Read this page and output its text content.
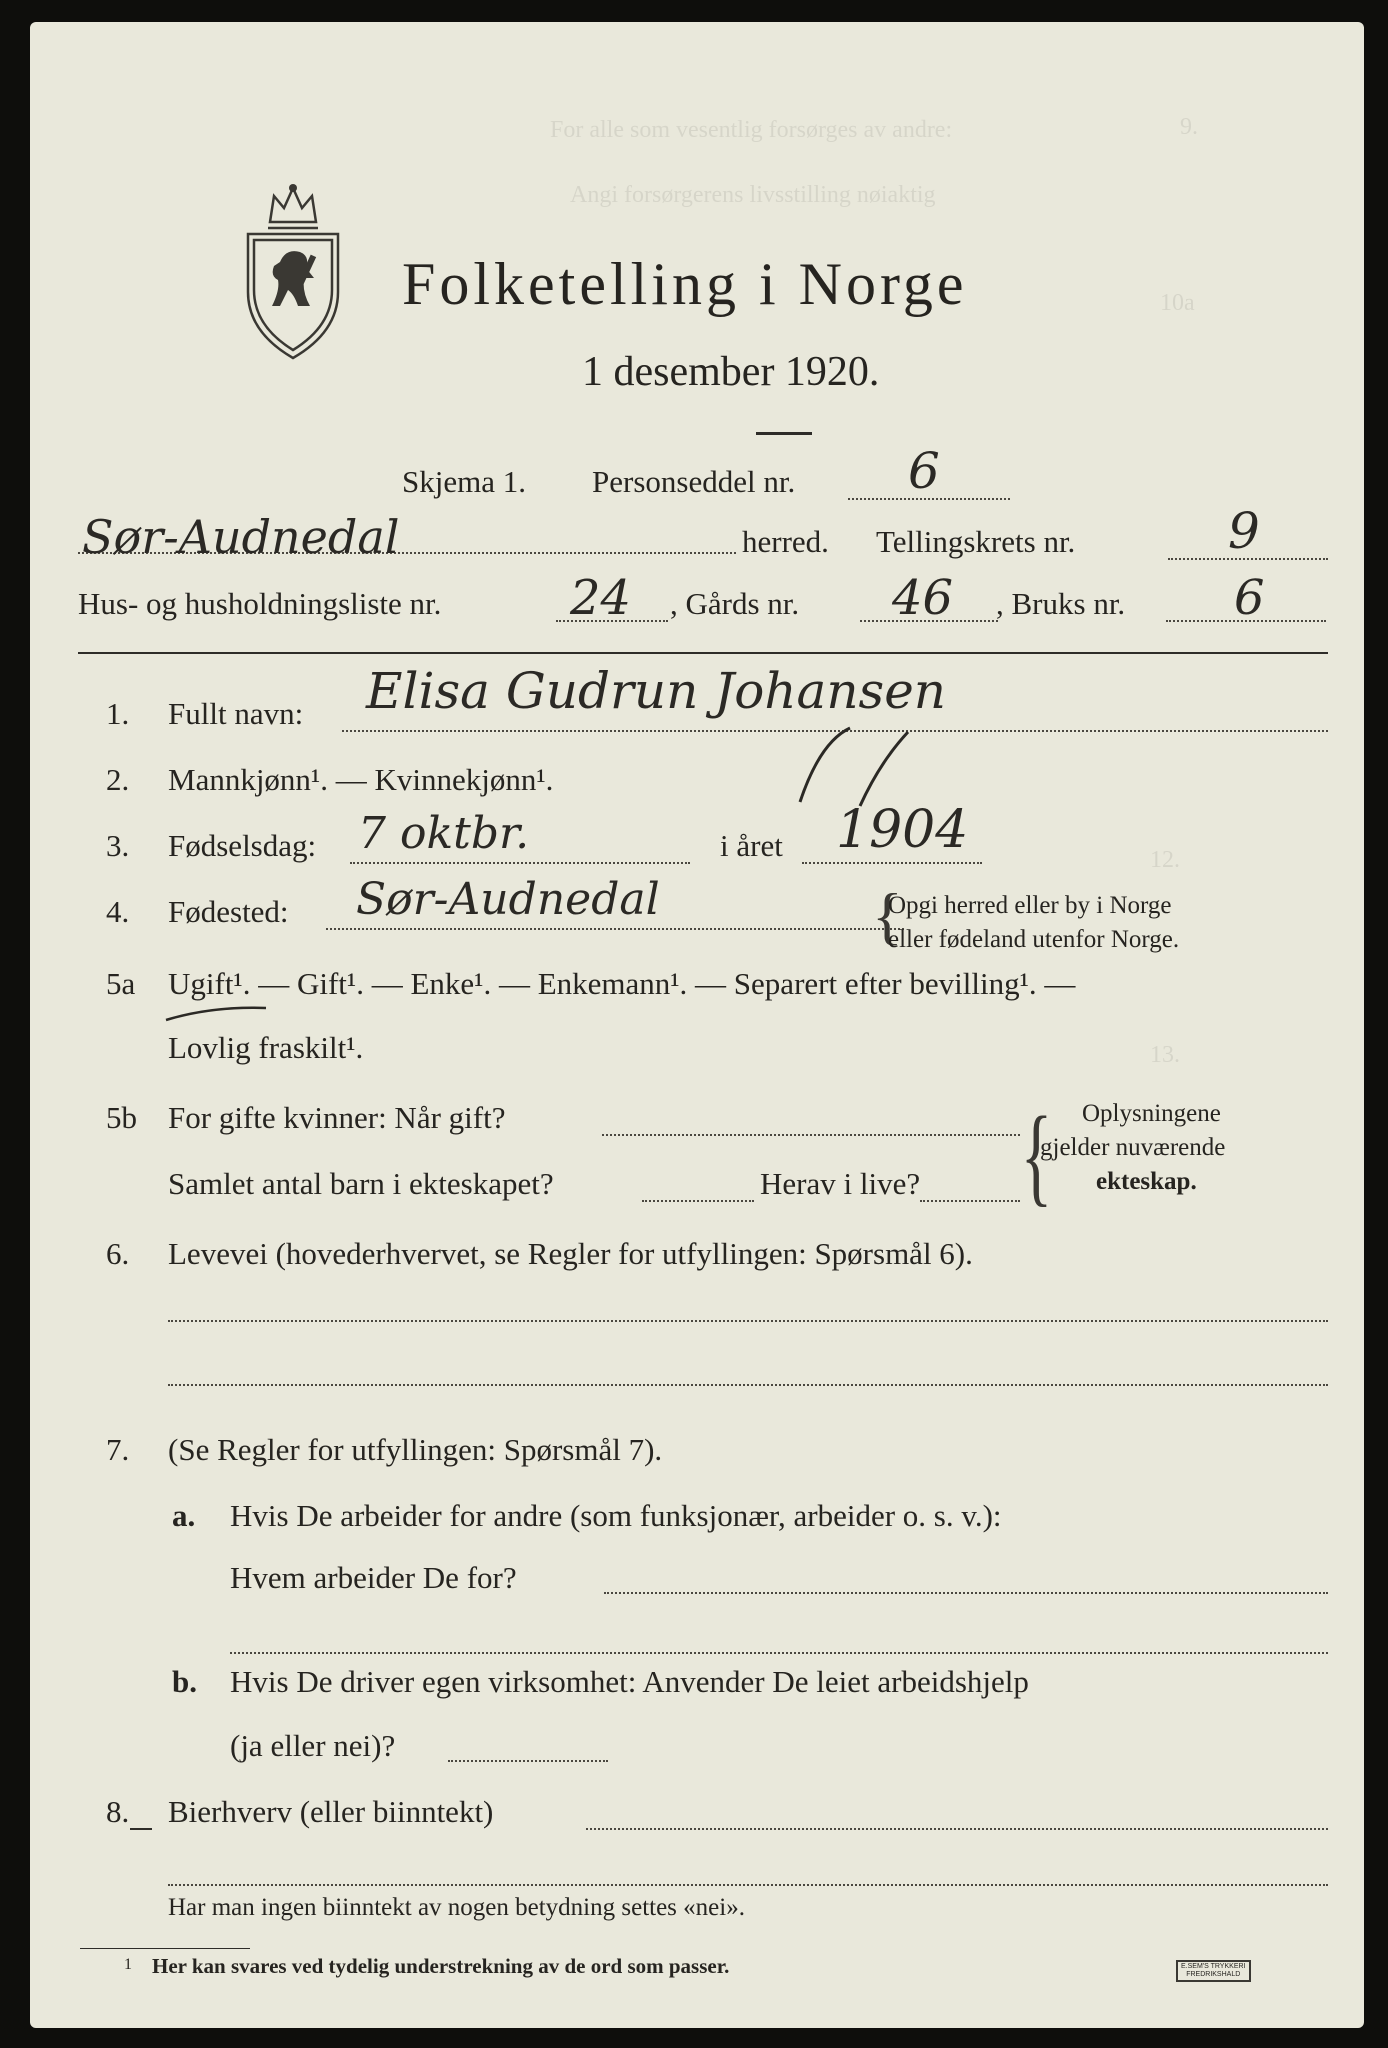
9.
For alle som vesentlig forsørges av andre:
Angi forsørgerens livsstilling nøiaktig
10a
12.
13.
Folketelling i Norge
1 desember 1920.
Skjema 1. Personseddel nr. 6
Sør-Audnedal	herred. Tellingskrets nr.	9
Hus- og husholdningsliste nr.	24 , Gårds nr. 46 , Bruks nr. 6
1. Fullt navn: Elisa Gudrun Johansen
2. Mannkjønn¹. — Kvinnekjønn¹.
3. Fødselsdag: 7 oktbr.	i året 1904
4. Fødested: Sør-Audnedal	{
Opgi herred eller by i Norge
eller fødeland utenfor Norge.
5a Ugift¹. — Gift¹. — Enke¹. — Enkemann¹. — Separert efter bevilling¹. —
Lovlig fraskilt¹.
5b For gifte kvinner: Når gift?
Samlet antal barn i ekteskapet?	Herav i live? { Oplysningene
gjelder nuværende
ekteskap.
6. Levevei (hovederhvervet, se Regler for utfyllingen: Spørsmål 6).
7. (Se Regler for utfyllingen: Spørsmål 7).
a. Hvis De arbeider for andre (som funksjonær, arbeider o. s. v.):
Hvem arbeider De for?
b. Hvis De driver egen virksomhet: Anvender De leiet arbeidshjelp
(ja eller nei)?
8. Bierhverv (eller biinntekt)
Har man ingen biinntekt av nogen betydning settes «nei».
1 Her kan svares ved tydelig understrekning av de ord som passer.	E.SEM'S TRYKKERI
FREDRIKSHALD
